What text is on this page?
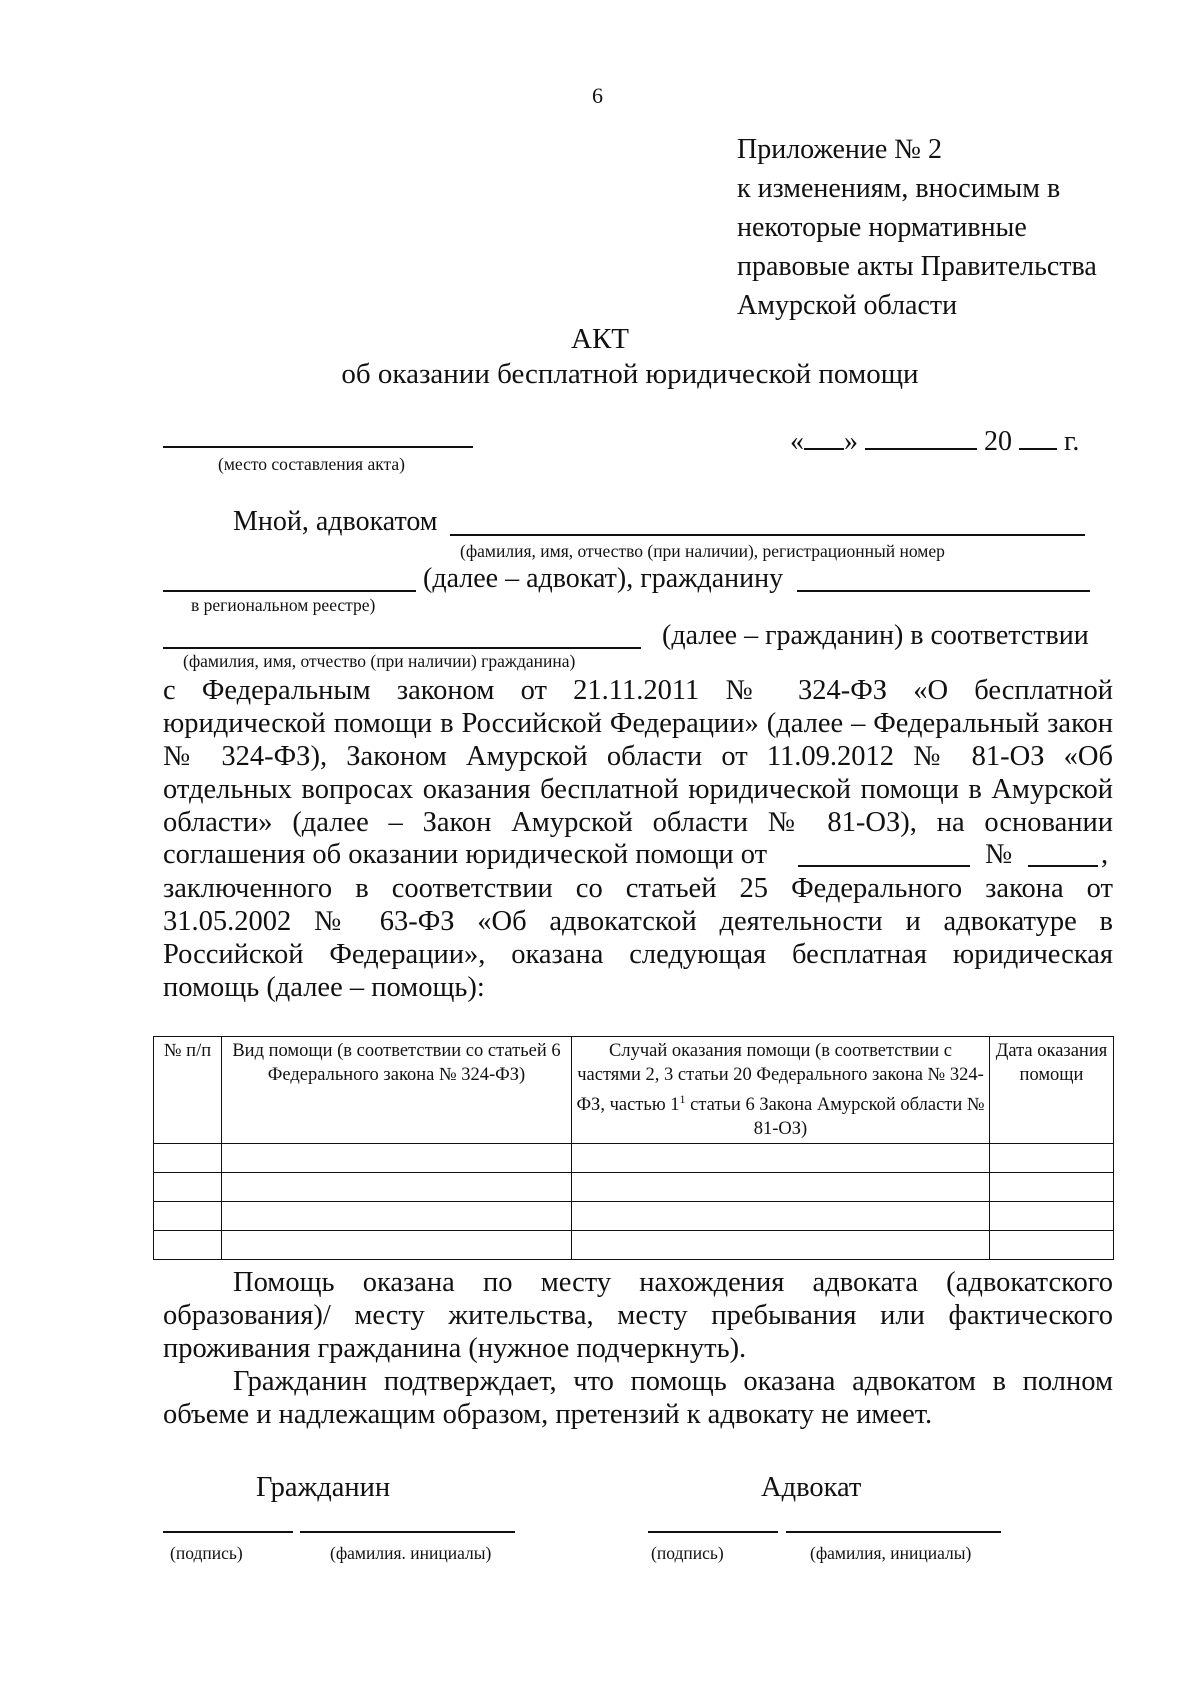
6
Приложение № 2
к изменениям, вносимым в
некоторые нормативные
правовые акты Правительства
Амурской области
АКТ
об оказании бесплатной юридической помощи
(место составления акта)
« »	20 г.
Мной, адвокатом
(фамилия, имя, отчество (при наличии), регистрационный номер
(далее – адвокат), гражданину
в региональном реестре)
(далее – гражданин) в соответствии
(фамилия, имя, отчество (при наличии) гражданина)
с Федеральным законом от 21.11.2011 № 324-ФЗ «О бесплатной
юридической помощи в Российской Федерации» (далее – Федеральный закон
№ 324-ФЗ), Законом Амурской области от 11.09.2012 № 81-ОЗ «Об
отдельных вопросах оказания бесплатной юридической помощи в Амурской
области» (далее – Закон Амурской области № 81-ОЗ), на основании
соглашения об оказании юридической помощи от	№	,
заключенного в соответствии со статьей 25 Федерального закона от
31.05.2002 № 63-ФЗ «Об адвокатской деятельности и адвокатуре в
Российской Федерации», оказана следующая бесплатная юридическая
помощь (далее – помощь):
№ п/п	Вид помощи (в соответствии со статьей 6 Федерального закона № 324-ФЗ)	Случай оказания помощи (в соответствии с частями 2, 3 статьи 20 Федерального закона № 324-ФЗ, частью $1^1$ статьи 6 Закона Амурской области № 81-ОЗ)	Дата оказания помощи

Помощь оказана по месту нахождения адвоката (адвокатского образования)/ месту жительства, месту пребывания или фактического проживания гражданина (нужное подчеркнуть).
Гражданин подтверждает, что помощь оказана адвокатом в полном объеме и надлежащим образом, претензий к адвокату не имеет.
Гражданин	Адвокат
(подпись)	(фамилия. инициалы)	(подпись)	(фамилия, инициалы)
